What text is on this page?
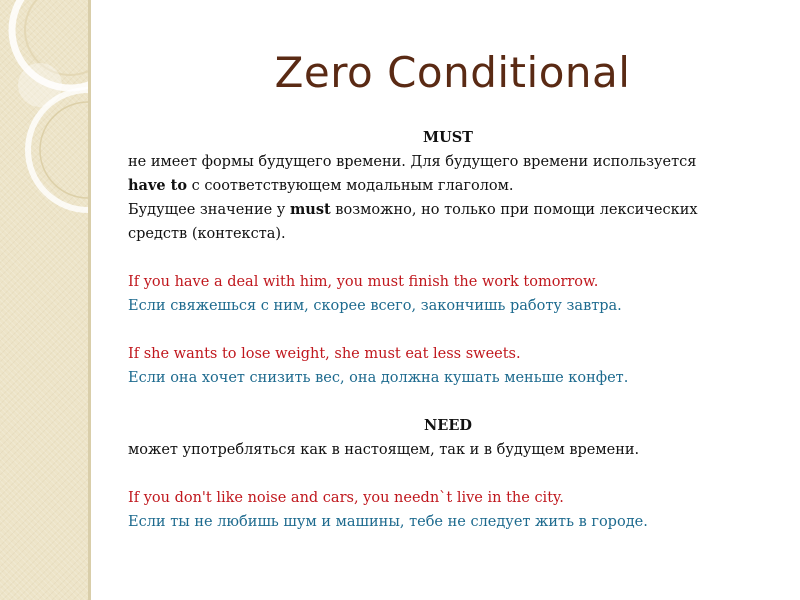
Zero Conditional
MUST
не имеет формы будущего времени. Для будущего времени используется
have to с соответствующем модальным глаголом.
Будущее значение у must возможно, но только при помощи лексических
средств (контекста).
If you have a deal with him, you must finish the work tomorrow.
Если свяжешься с ним, скорее всего, закончишь работу завтра.
If she wants to lose weight, she must eat less sweets.
Если она хочет снизить вес, она должна кушать меньше конфет.
NEED
может употребляться как в настоящем, так и в будущем времени.
If you don't like noise and cars, you needn`t live in the city.
Если ты не любишь шум и машины, тебе не следует жить в городе.
